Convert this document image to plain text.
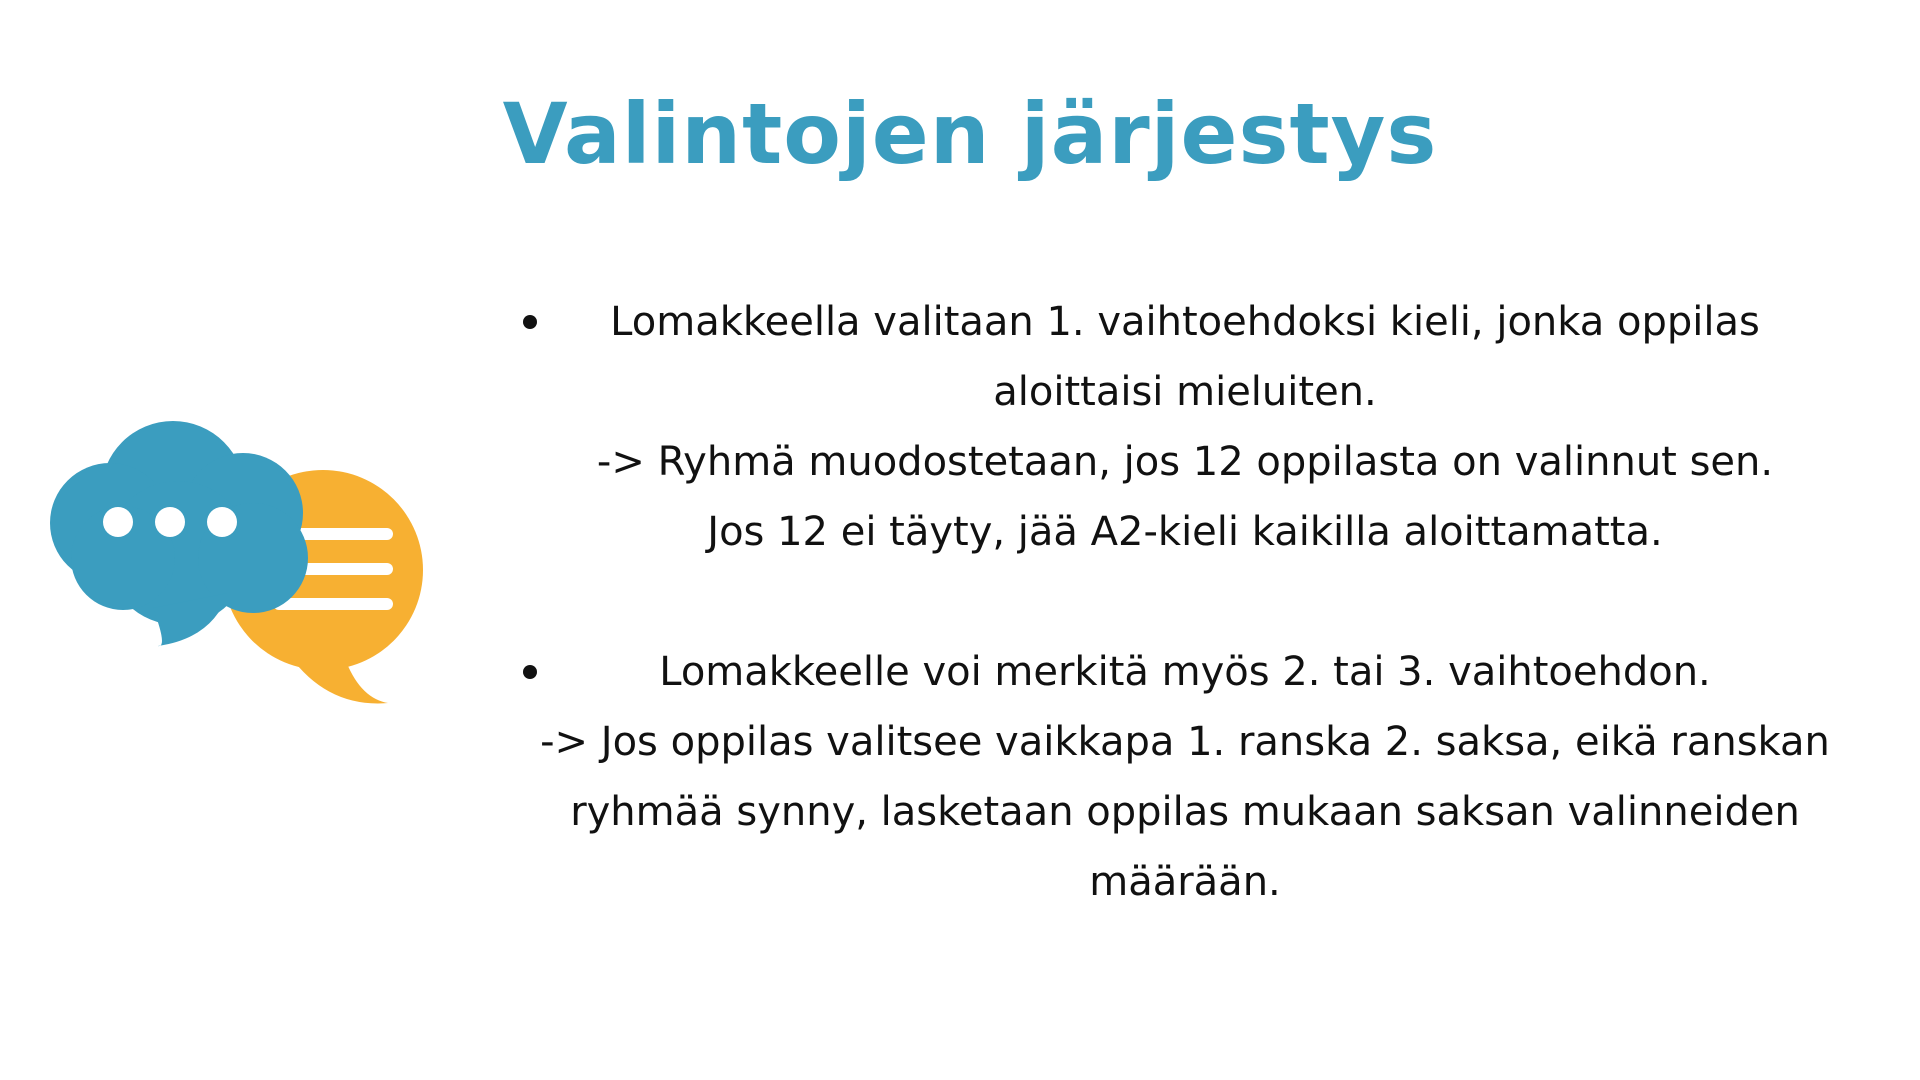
Valintojen järjestys
Lomakkeella valitaan 1. vaihtoehdoksi kieli, jonka oppilas
aloittaisi mieluiten.
-> Ryhmä muodostetaan, jos 12 oppilasta on valinnut sen.
Jos 12 ei täyty, jää A2-kieli kaikilla aloittamatta.
Lomakkeelle voi merkitä myös 2. tai 3. vaihtoehdon.
-> Jos oppilas valitsee vaikkapa 1. ranska 2. saksa, eikä ranskan
ryhmää synny, lasketaan oppilas mukaan saksan valinneiden
määrään.
